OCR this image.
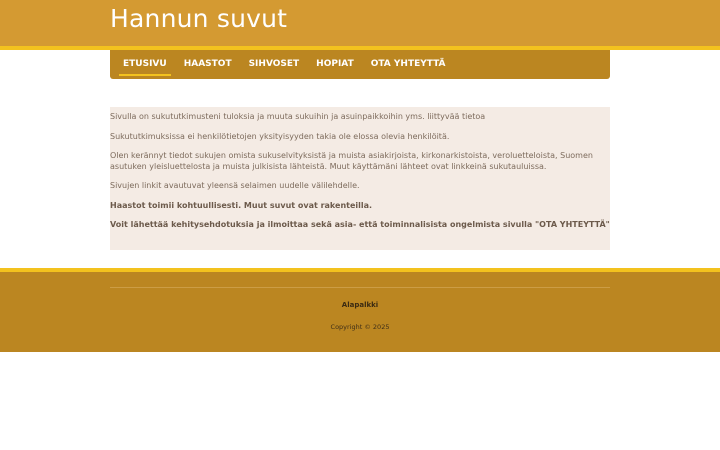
Hannun suvut
ETUSIVU	HAASTOT	SIHVOSET	HOPIAT	OTA YHTEYTTÄ

Sivulla on sukututkimusteni tuloksia ja muuta sukuihin ja asuinpaikkoihin yms. liittyvää tietoa

Sukututkimuksissa ei henkilötietojen yksityisyyden takia ole elossa olevia henkilöitä.

Olen kerännyt tiedot sukujen omista sukuselvityksistä ja muista asiakirjoista, kirkonarkistoista, veroluetteloista, Suomen asutuken yleisluettelosta ja muista julkisista lähteistä. Muut käyttämäni lähteet ovat linkkeinä sukutauluissa.

Sivujen linkit avautuvat yleensä selaimen uudelle välilehdelle.

Haastot toimii kohtuullisesti. Muut suvut ovat rakenteilla.

Voit lähettää kehitysehdotuksia ja ilmoittaa sekä asia- että toiminnalisista ongelmista sivulla "OTA YHTEYTTÄ"

Alapalkki
Copyright © 2025
